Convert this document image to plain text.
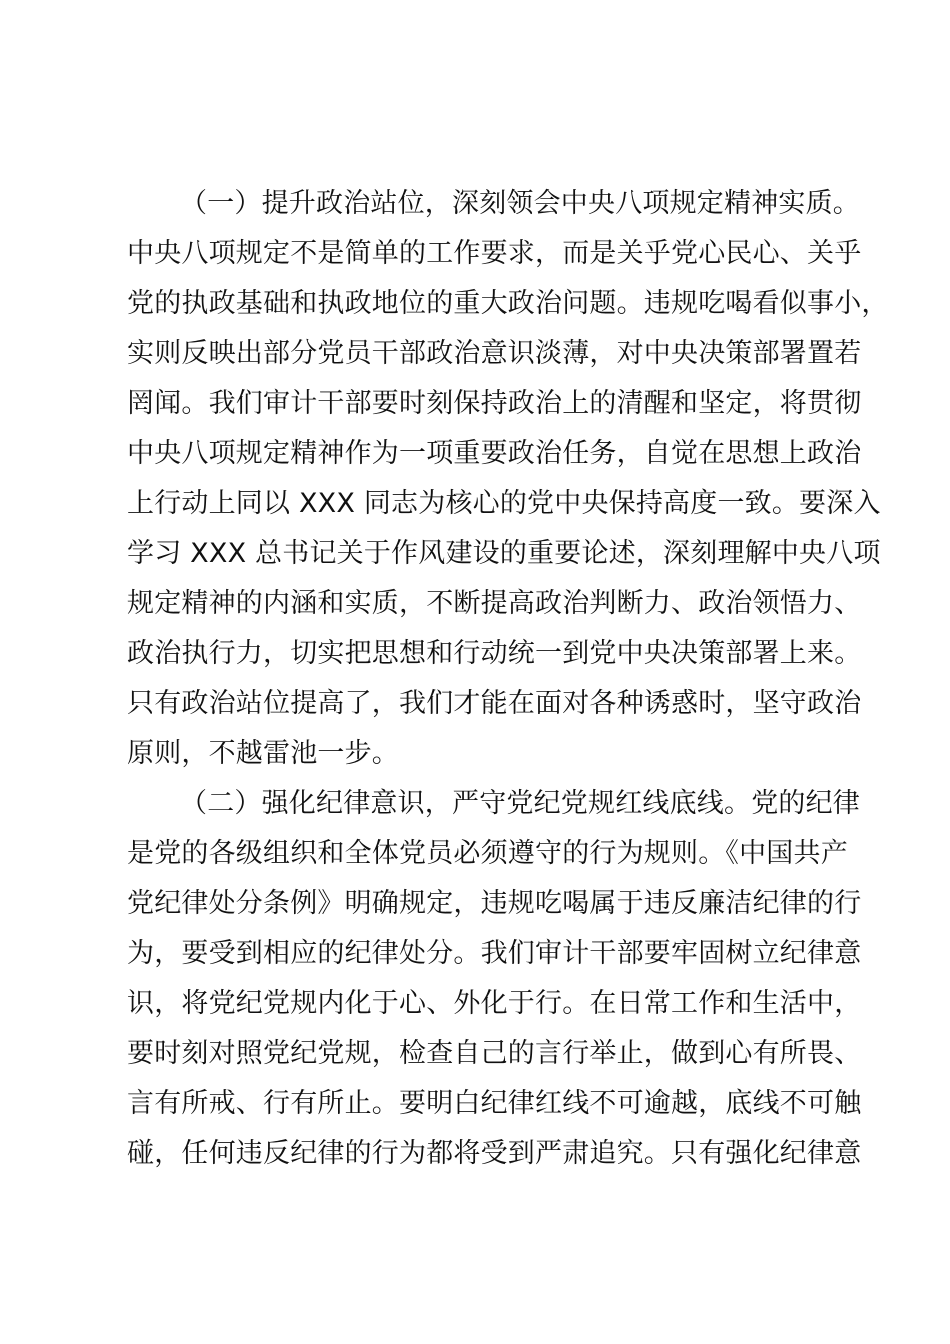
（一）提升政治站位，深刻领会中央八项规定精神实质。
中央八项规定不是简单的工作要求，而是关乎党心民心、关乎
党的执政基础和执政地位的重大政治问题。违规吃喝看似事小，
实则反映出部分党员干部政治意识淡薄，对中央决策部署置若
罔闻。我们审计干部要时刻保持政治上的清醒和坚定，将贯彻
中央八项规定精神作为一项重要政治任务，自觉在思想上政治
上行动上同以 XXX 同志为核心的党中央保持高度一致。要深入
学习 XXX 总书记关于作风建设的重要论述，深刻理解中央八项
规定精神的内涵和实质，不断提高政治判断力、政治领悟力、
政治执行力，切实把思想和行动统一到党中央决策部署上来。
只有政治站位提高了，我们才能在面对各种诱惑时，坚守政治
原则，不越雷池一步。
（二）强化纪律意识，严守党纪党规红线底线。党的纪律
是党的各级组织和全体党员必须遵守的行为规则。《中国共产
党纪律处分条例》明确规定，违规吃喝属于违反廉洁纪律的行
为，要受到相应的纪律处分。我们审计干部要牢固树立纪律意
识，将党纪党规内化于心、外化于行。在日常工作和生活中，
要时刻对照党纪党规，检查自己的言行举止，做到心有所畏、
言有所戒、行有所止。要明白纪律红线不可逾越，底线不可触
碰，任何违反纪律的行为都将受到严肃追究。只有强化纪律意
